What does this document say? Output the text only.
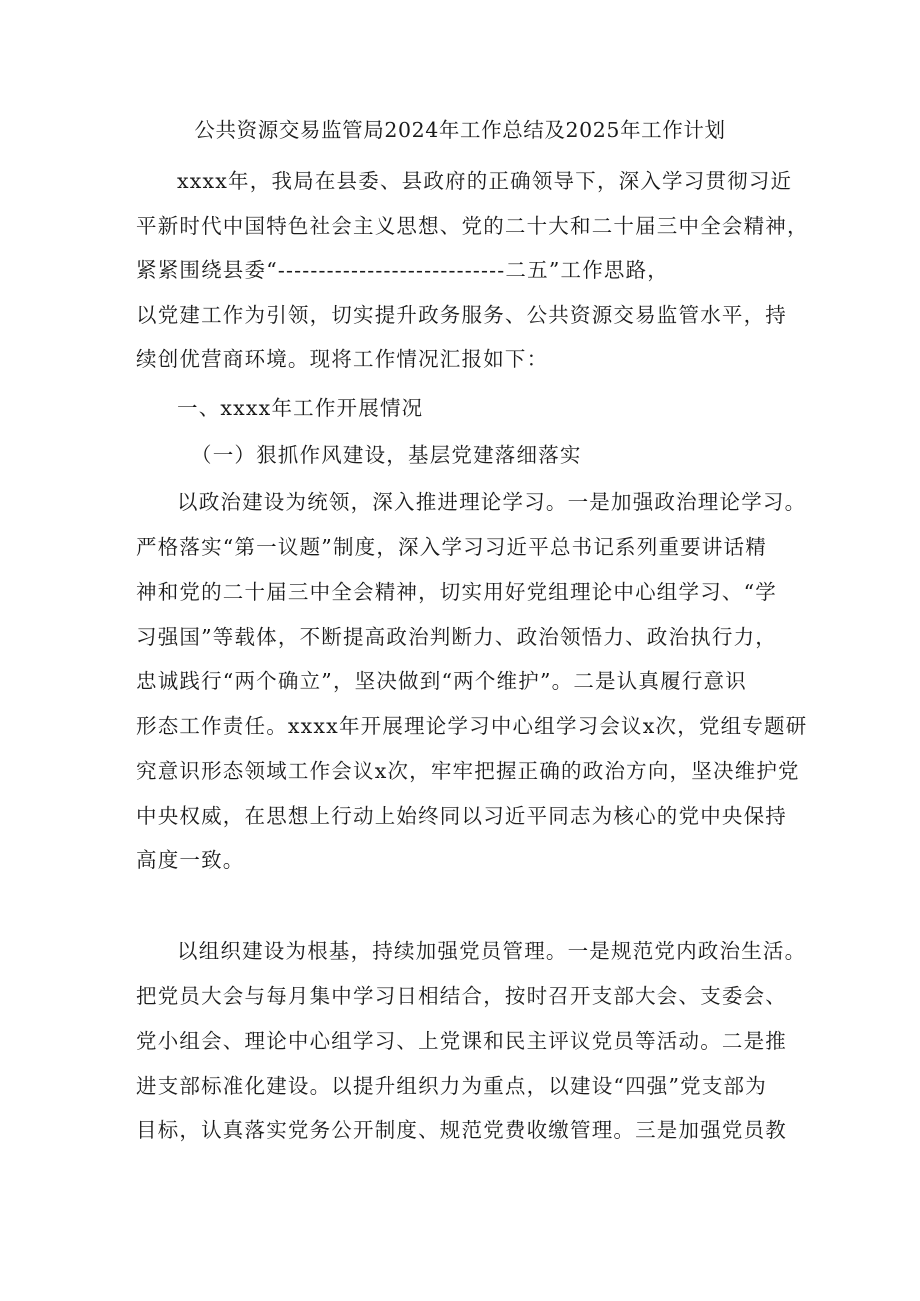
公共资源交易监管局2024年工作总结及2025年工作计划
xxxx年，我局在县委、县政府的正确领导下，深入学习贯彻习近
平新时代中国特色社会主义思想、党的二十大和二十届三中全会精神，
紧紧围绕县委“----------------------------二五”工作思路，
以党建工作为引领，切实提升政务服务、公共资源交易监管水平，持
续创优营商环境。现将工作情况汇报如下：
一、xxxx年工作开展情况
（一）狠抓作风建设，基层党建落细落实
以政治建设为统领，深入推进理论学习。一是加强政治理论学习。
严格落实“第一议题”制度，深入学习习近平总书记系列重要讲话精
神和党的二十届三中全会精神，切实用好党组理论中心组学习、“学
习强国”等载体，不断提高政治判断力、政治领悟力、政治执行力，
忠诚践行“两个确立”，坚决做到“两个维护”。二是认真履行意识
形态工作责任。xxxx年开展理论学习中心组学习会议x次，党组专题研
究意识形态领域工作会议x次，牢牢把握正确的政治方向，坚决维护党
中央权威，在思想上行动上始终同以习近平同志为核心的党中央保持
高度一致。
以组织建设为根基，持续加强党员管理。一是规范党内政治生活。
把党员大会与每月集中学习日相结合，按时召开支部大会、支委会、
党小组会、理论中心组学习、上党课和民主评议党员等活动。二是推
进支部标准化建设。以提升组织力为重点，以建设“四强”党支部为
目标，认真落实党务公开制度、规范党费收缴管理。三是加强党员教
